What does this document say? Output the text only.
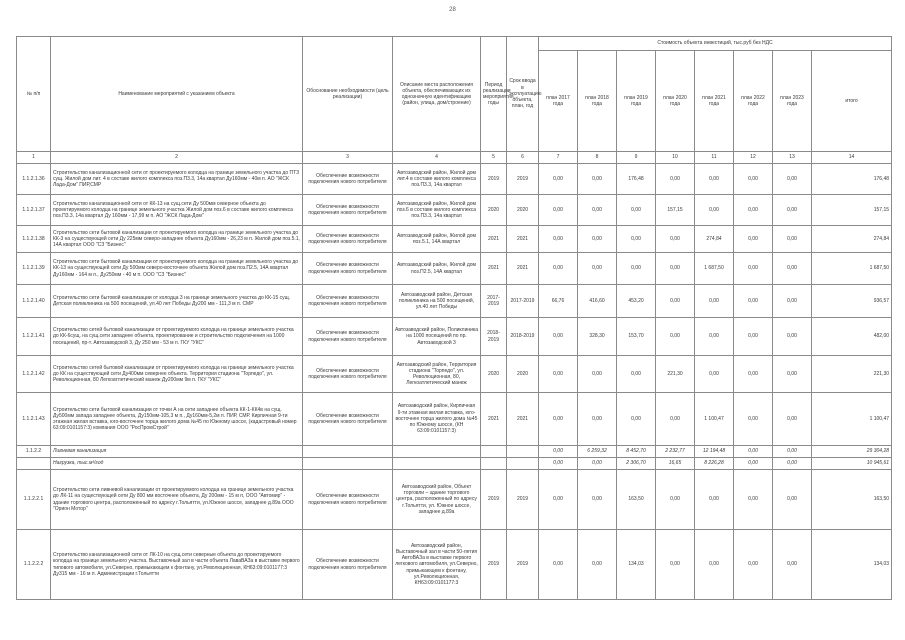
28
№ п/п	Наименование мероприятий с указанием объекта	Обоснование необходимости (цель реализации)	Описание места расположения объекта, обеспечивающих их однозначную идентификацию (район, улица, дом/строение)	Период реализации мероприятия, годы	Срок ввода в эксплуатацию объекта, план, год	Стоимость объекта инвестиций, тыс.руб без НДС							
						план 2017 года	план 2018 года	план 2019 года	план 2020 года	план 2021 года	план 2022 года	план 2023 года	итого
1	2	3	4	5	6	7	8	9	10	11	12	13	14
1.1.2.1.36	Строительство канализационной сети от проектируемого колодца на границе земельного участка до ПТЗ сущ. Жилой дом лит. 4 в составе жилого комплекса поз.П3.3, 14а квартал Дy160мм - 40м п. АО "ЖСК Лада-Дом" ПИР,СМР	Обеспечение возможности подключения нового потребителя	Автозаводский район, Жилой дом лит.4 в составе жилого комплекса поз.П3.3, 14а квартал	2019	2019	0,00	0,00	176,48	0,00	0,00	0,00	0,00	176,48
1.1.2.1.37	Строительство канализационной сети от КК-13 на сущ.сети Ду 500мм северное объекта до проектируемого колодца на границе земельного участка Жилой дом поз.6 в составе жилого комплекса поз.П3.3, 14а квартал Ду 160мм - 17,99 м п. АО "ЖСК Лада-Дом"	Обеспечение возможности подключения нового потребителя	Автозаводский район, Жилой дом поз.6 в составе жилого комплекса поз.П3.3, 14а квартал	2020	2020	0,00	0,00	0,00	157,15	0,00	0,00	0,00	157,15
1.1.2.1.38	Строительство сети бытовой канализации от проектируемого колодца на границе земельного участка до КК-3 на существующей сети Ду 225мм северо-западнее объекта Ду160мм - 26,23 м п. Жилой дом поз.5.1, 14А квартал ООО "СЗ "Бизнес"	Обеспечение возможности подключения нового потребителя	Автозаводский район, Жилой дом поз.5.1, 14А квартал	2021	2021	0,00	0,00	0,00	0,00	274,84	0,00	0,00	274,84
1.1.2.1.39	Строительство сети бытовой канализации от проектируемого колодца на границе земельного участка до КК-13 на существующей сети Ду 500мм северо-восточнее объекта Жилой дом поз.П2.5, 14А квартал Ду160мм - 164 м п., Ду250мм - 40 м п. ООО "СЗ "Бизнес"	Обеспечение возможности подключения нового потребителя	Автозаводский район, Жилой дом поз.П2.5, 14А квартал	2021	2021	0,00	0,00	0,00	0,00	1 687,50	0,00	0,00	1 687,50
1.1.2.1.40	Строительство сети бытовой канализации от колодца 3 на границе земельного участка до КК-15 сущ. Детская поликлиника на 500 посещений, ул.40 лет Победы Ду200 мм - 111,3 м п. СМР	Обеспечение возможности подключения нового потребителя	Автозаводский район, Детская поликлиника на 500 посещений, ул.40 лет Победы	2017-2019	2017-2019	66,76	416,60	453,20	0,00	0,00	0,00	0,00	936,57
1.1.2.1.41	Строительство сетей бытовой канализации от проектируемого колодца на границе земельного участка до КК-6сущ. на сущ.сети западнее объекта, проектирование и строительство подключения на 1000 посещений, пр-т. Автозаводской 3, Ду 250 мм - 53 м п. ГКУ "УКС"	Обеспечение возможности подключения нового потребителя	Автозаводский район, Поликлиника на 1000 посещений по пр. Автозаводской 3	2018-2019	2018-2019	0,00	328,30	153,70	0,00	0,00	0,00	0,00	482,00
1.1.2.1.42	Строительство сетей бытовой канализации от проектируемого колодца на границе земельного участка до КК на существующей сети Ду400мм севернее объекта. Территория стадиона "Торпедо", ул. Революционная, 80 Легкоатлетический манеж Ду200мм 9м п. ГКУ "УКС"	Обеспечение возможности подключения нового потребителя	Автозаводский район, Территория стадиона "Торпедо", ул. Революционная, 80, Легкоатлетический манеж	2020	2020	0,00	0,00	0,00	221,30	0,00	0,00	0,00	221,30
1.1.2.1.43	Строительство сети бытовой канализации от точки А на сети западнее объекта КК-1-КК4в на сущ. Ду500мм запада западнее объекта, Ду150мм-105,3 м п., Ду160мм-5,2м п. ПИР, СМР. Кирпичная 9-ти этажная жилая вставка, юго-восточнее торца жилого дома №45 по Южному шоссе, (кадастровый номер 63:09:0101157:3) компания ООО "РосПромСтрой"	Обеспечение возможности подключения нового потребителя	Автозаводский район, Кирпичная 9-ти этажная жилая вставка, юго-восточнее торца жилого дома №45 по Южному шоссе, (КН 63:09:0101157:3)	2021	2021	0,00	0,00	0,00	0,00	1 100,47	0,00	0,00	1 100,47
1.1.2.2	Ливневая канализация					0,00	6 259,32	8 452,70	2 232,77	12 194,48	0,00	0,00	29 304,28
	Нагрузка, тыс.м³/год					0,00	0,00	2 306,70	16,65	8 226,28	0,00	0,00	10 945,61
1.1.2.2.1	Строительство сети ливневой канализации от проектируемого колодца на границе земельного участка до ЛК-11 на существующей сети Ду 800 мм восточнее объекта, Ду 200мм - 15 м п, ООО "Автомир" - здание торгового центра, расположенный по адресу г.Тольятти, ул.Южное шоссе, западнее д.89а ООО "Орион Мотор"	Обеспечение возможности подключения нового потребителя	Автозаводский район, Объект торговли – здание торгового центра, расположенный по адресу г.Тольятти, ул. Южное шоссе, западнее д.89а	2019	2019	0,00	0,00	163,50	0,00	0,00	0,00	0,00	163,50
1.1.2.2.2	Строительство канализационной сети от ЛК-10 на сущ.сети северные объекта до проектируемого колодца на границе земельного участка. Выставочный зал в части объекта ЛаваВАЗа в выставке первого типового автомобиля, ул.Северно, примыкающем к фонтану, ул.Революционная, КН63:09:0101177:3 Ду315 мм - 16 м п. Администрации г.Тольятти	Обеспечение возможности подключения нового потребителя	Автозаводский район, Выставочный зал в части 50-летия АвтоВАЗа в выставке первого легкового автомобиля, ул.Северно, примыкающем к фонтану, ул.Революционная, КН63:09:0101177:3	2019	2019	0,00	0,00	134,03	0,00	0,00	0,00	0,00	134,03
